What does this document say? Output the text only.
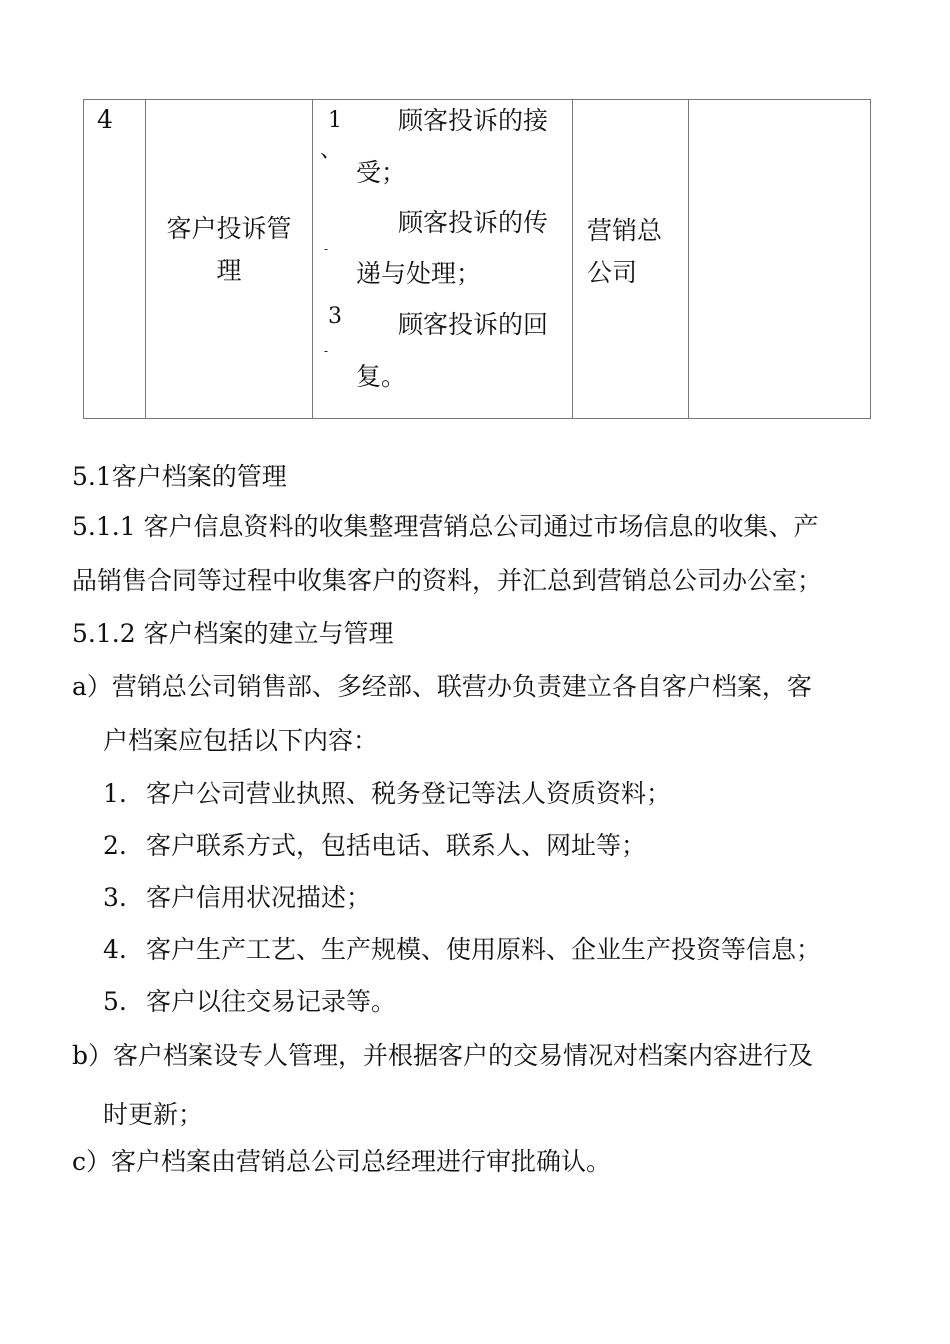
4
客户投诉管
理
1
、
顾客投诉的接
受；
-
顾客投诉的传
递与处理；
3
-
顾客投诉的回
复。
营销总
公司
5.1客户档案的管理
5.1.1 客户信息资料的收集整理营销总公司通过市场信息的收集、产
品销售合同等过程中收集客户的资料，并汇总到营销总公司办公室；
5.1.2 客户档案的建立与管理
a）营销总公司销售部、多经部、联营办负责建立各自客户档案，客
户档案应包括以下内容：
1. 客户公司营业执照、税务登记等法人资质资料；
2. 客户联系方式，包括电话、联系人、网址等；
3. 客户信用状况描述；
4. 客户生产工艺、生产规模、使用原料、企业生产投资等信息；
5. 客户以往交易记录等。
b）客户档案设专人管理，并根据客户的交易情况对档案内容进行及
时更新；
c）客户档案由营销总公司总经理进行审批确认。
